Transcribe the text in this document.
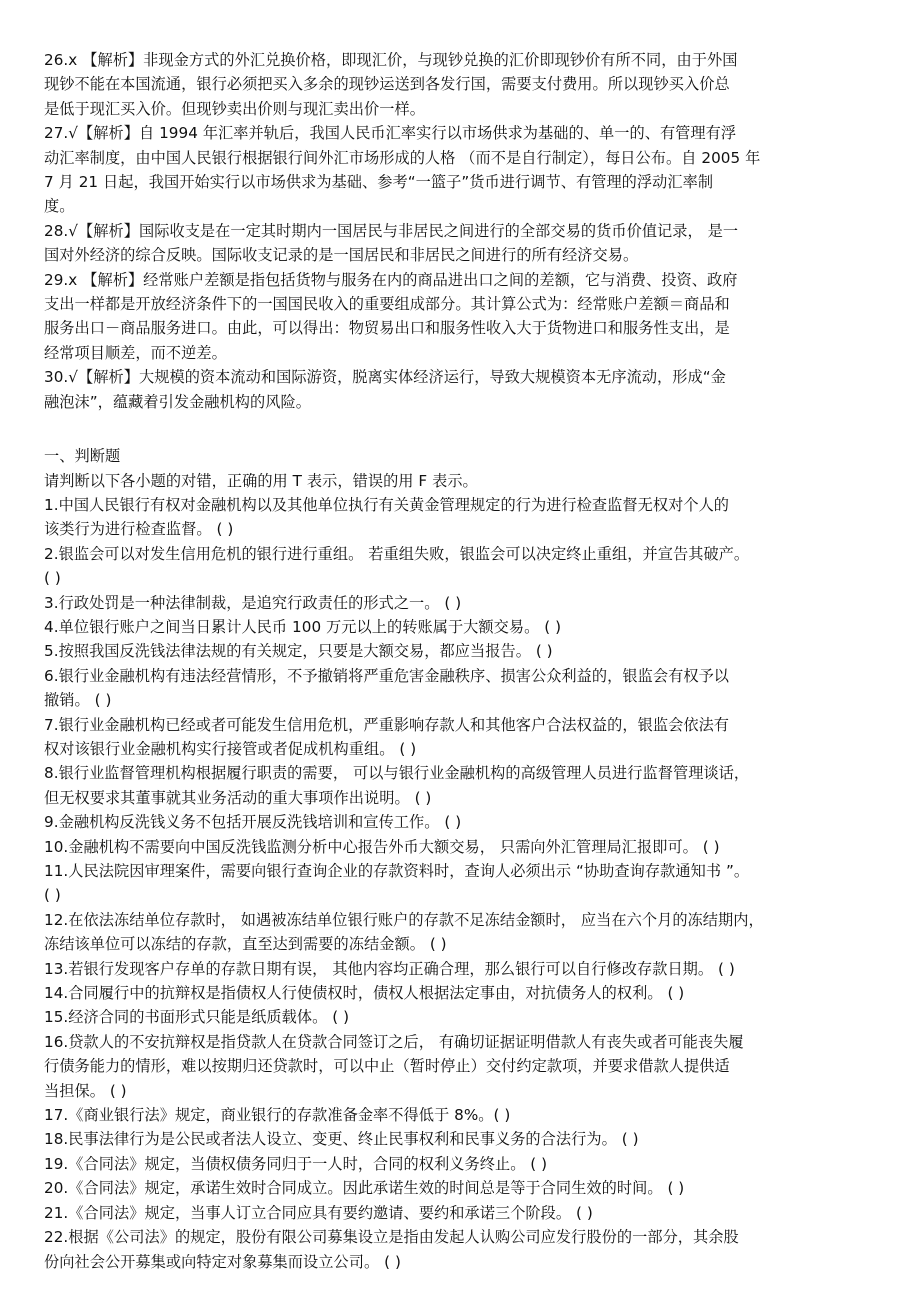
26.x 【解析】非现金方式的外汇兑换价格，即现汇价，与现钞兑换的汇价即现钞价有所不同，由于外国
现钞不能在本国流通，银行必须把买入多余的现钞运送到各发行国，需要支付费用。所以现钞买入价总
是低于现汇买入价。但现钞卖出价则与现汇卖出价一样。
27.√【解析】自 1994 年汇率并轨后，我国人民币汇率实行以市场供求为基础的、单一的、有管理有浮
动汇率制度，由中国人民银行根据银行间外汇市场形成的人格 （而不是自行制定），每日公布。自 2005 年
7 月 21 日起，我国开始实行以市场供求为基础、参考“一篮子”货币进行调节、有管理的浮动汇率制
度。
28.√【解析】国际收支是在一定其时期内一国居民与非居民之间进行的全部交易的货币价值记录， 是一
国对外经济的综合反映。国际收支记录的是一国居民和非居民之间进行的所有经济交易。
29.x 【解析】经常账户差额是指包括货物与服务在内的商品进出口之间的差额，它与消费、投资、政府
支出一样都是开放经济条件下的一国国民收入的重要组成部分。其计算公式为：经常账户差额＝商品和
服务出口－商品服务进口。由此，可以得出：物贸易出口和服务性收入大于货物进口和服务性支出，是
经常项目顺差，而不逆差。
30.√【解析】大规模的资本流动和国际游资，脱离实体经济运行，导致大规模资本无序流动，形成“金
融泡沫”，蕴藏着引发金融机构的风险。
一、判断题
请判断以下各小题的对错，正确的用 T 表示，错误的用 F 表示。
1.中国人民银行有权对金融机构以及其他单位执行有关黄金管理规定的行为进行检查监督无权对个人的
该类行为进行检查监督。 ( )
2.银监会可以对发生信用危机的银行进行重组。 若重组失败，银监会可以决定终止重组，并宣告其破产。
( )
3.行政处罚是一种法律制裁，是追究行政责任的形式之一。 ( )
4.单位银行账户之间当日累计人民币 100 万元以上的转账属于大额交易。 ( )
5.按照我国反洗钱法律法规的有关规定，只要是大额交易，都应当报告。 ( )
6.银行业金融机构有违法经营情形，不予撤销将严重危害金融秩序、损害公众利益的，银监会有权予以
撤销。 ( )
7.银行业金融机构已经或者可能发生信用危机，严重影响存款人和其他客户合法权益的，银监会依法有
权对该银行业金融机构实行接管或者促成机构重组。 ( )
8.银行业监督管理机构根据履行职责的需要， 可以与银行业金融机构的高级管理人员进行监督管理谈话，
但无权要求其董事就其业务活动的重大事项作出说明。 ( )
9.金融机构反洗钱义务不包括开展反洗钱培训和宣传工作。 ( )
10.金融机构不需要向中国反洗钱监测分析中心报告外币大额交易， 只需向外汇管理局汇报即可。 ( )
11.人民法院因审理案件，需要向银行查询企业的存款资料时，查询人必须出示 “协助查询存款通知书 ”。
( )
12.在依法冻结单位存款时， 如遇被冻结单位银行账户的存款不足冻结金额时， 应当在六个月的冻结期内，
冻结该单位可以冻结的存款，直至达到需要的冻结金额。 ( )
13.若银行发现客户存单的存款日期有误， 其他内容均正确合理，那么银行可以自行修改存款日期。 ( )
14.合同履行中的抗辩权是指债权人行使债权时，债权人根据法定事由，对抗债务人的权利。 ( )
15.经济合同的书面形式只能是纸质载体。 ( )
16.贷款人的不安抗辩权是指贷款人在贷款合同签订之后， 有确切证据证明借款人有丧失或者可能丧失履
行债务能力的情形，难以按期归还贷款时，可以中止（暂时停止）交付约定款项，并要求借款人提供适
当担保。 ( )
17.《商业银行法》规定，商业银行的存款准备金率不得低于 8%。( )
18.民事法律行为是公民或者法人设立、变更、终止民事权利和民事义务的合法行为。 ( )
19.《合同法》规定，当债权债务同归于一人时，合同的权利义务终止。 ( )
20.《合同法》规定，承诺生效时合同成立。因此承诺生效的时间总是等于合同生效的时间。 ( )
21.《合同法》规定，当事人订立合同应具有要约邀请、要约和承诺三个阶段。 ( )
22.根据《公司法》的规定，股份有限公司募集设立是指由发起人认购公司应发行股份的一部分，其余股
份向社会公开募集或向特定对象募集而设立公司。 ( )
